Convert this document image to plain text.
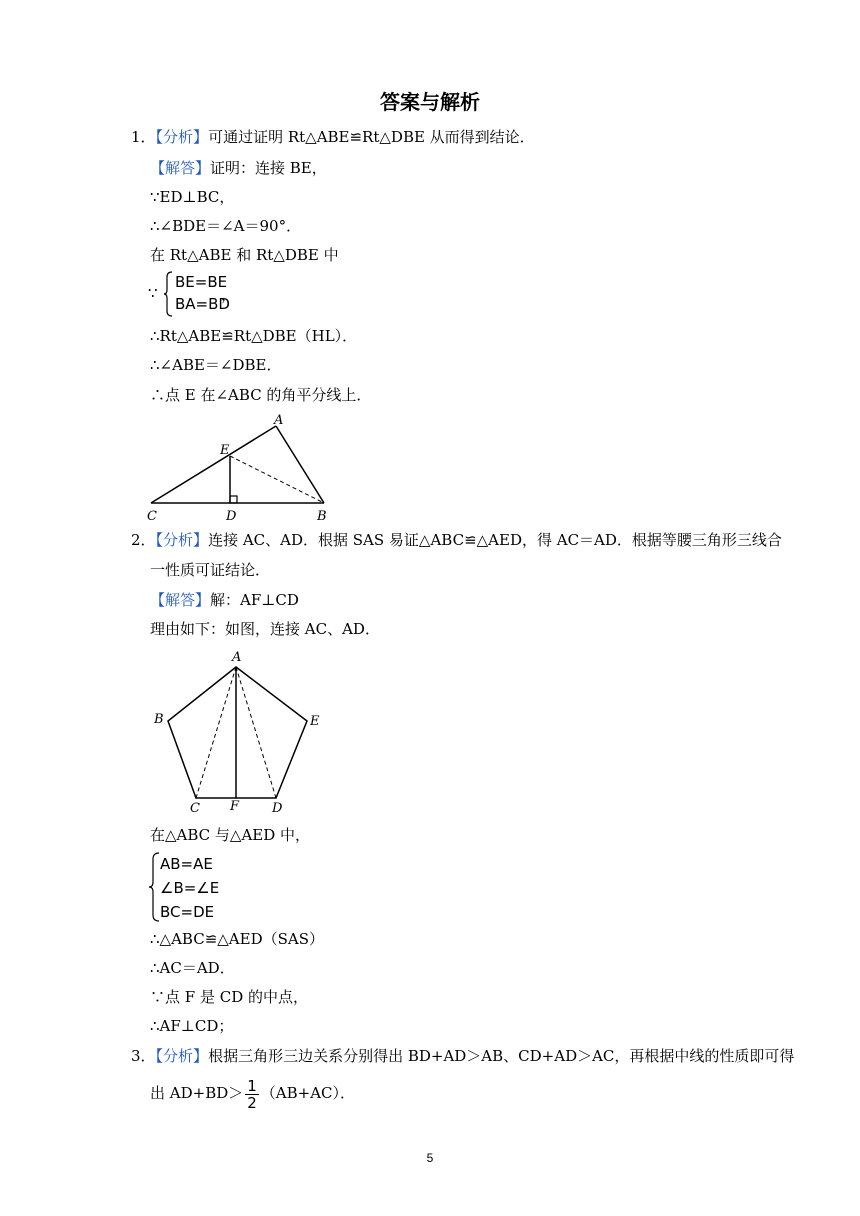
答案与解析
1．【分析】可通过证明 Rt△ABE≌Rt△DBE 从而得到结论．
【解答】证明：连接 BE，
∵ED⊥BC，
∴∠BDE＝∠A＝90°．
在 Rt△ABE 和 Rt△DBE 中
∵
BE=BE
BA=BD
，
∴Rt△ABE≌Rt△DBE（HL）．
∴∠ABE＝∠DBE．
∴点 E 在∠ABC 的角平分线上．
A
E
C	D	B
2．【分析】连接 AC、AD．根据 SAS 易证△ABC≌△AED，得 AC＝AD．根据等腰三角形三线合
一性质可证结论．
【解答】解：AF⊥CD
理由如下：如图，连接 AC、AD．
A
B	E
C F	D
在△ABC 与△AED 中，
AB=AE
∠B=∠E
BC=DE
∴△ABC≌△AED（SAS）
∴AC＝AD．
∵点 F 是 CD 的中点，
∴AF⊥CD；
3．【分析】根据三角形三边关系分别得出 BD+AD＞AB、CD+AD＞AC，再根据中线的性质即可得
出 $AD+BD> \frac{1}{2} (AB+AC)$．
5
